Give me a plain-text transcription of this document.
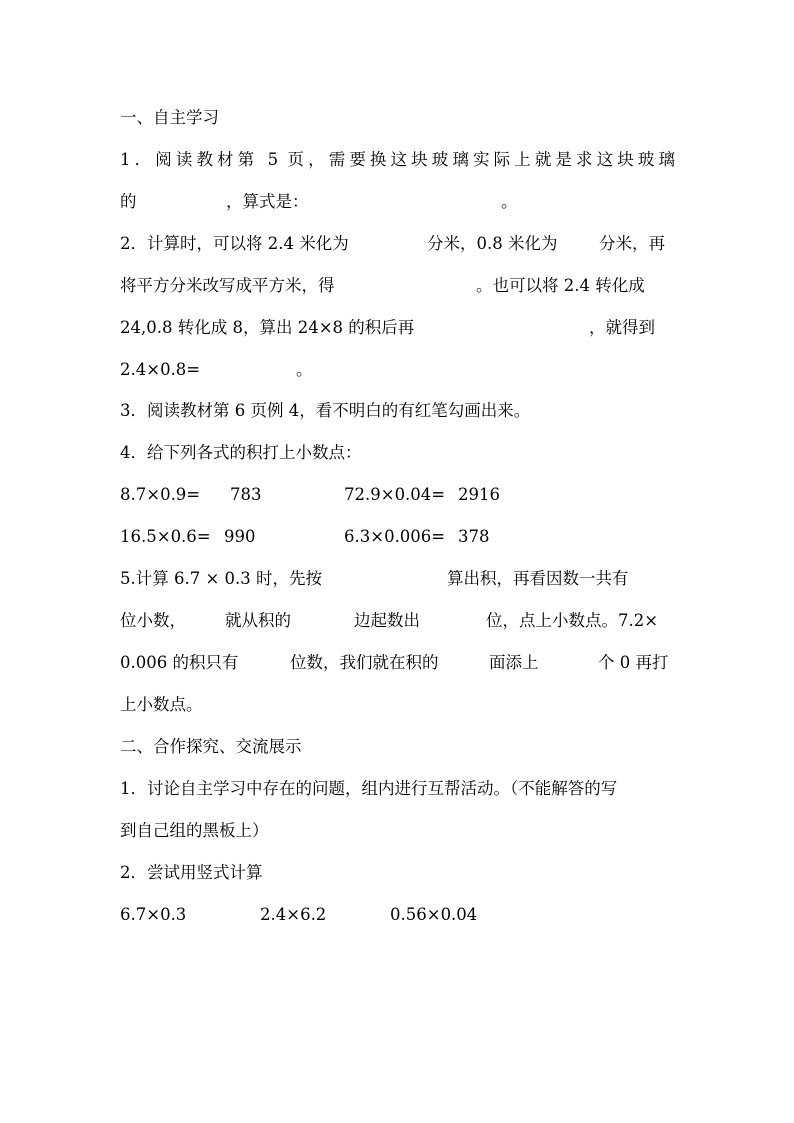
一、自主学习
1．阅读教材第 5 页，需要换这块玻璃实际上就是求这块玻璃
的	，算式是：	。
2．计算时，可以将 2.4 米化为	分米，0.8 米化为	分米，再
将平方分米改写成平方米，得	。也可以将 2.4 转化成
24,0.8 转化成 8，算出 24×8 的积后再	，就得到
2.4×0.8=	。
3．阅读教材第 6 页例 4，看不明白的有红笔勾画出来。
4．给下列各式的积打上小数点：
8.7×0.9= 783	72.9×0.04= 2916
16.5×0.6= 990	6.3×0.006= 378
5.计算 6.7 × 0.3 时，先按	算出积，再看因数一共有
位小数， 就从积的	边起数出	位，点上小数点。7.2×
0.006 的积只有	位数，我们就在积的	面添上	个 0 再打
上小数点。
二、合作探究、交流展示
1．讨论自主学习中存在的问题，组内进行互帮活动。（不能解答的写
到自己组的黑板上）
2．尝试用竖式计算
6.7×0.3	2.4×6.2	0.56×0.04
